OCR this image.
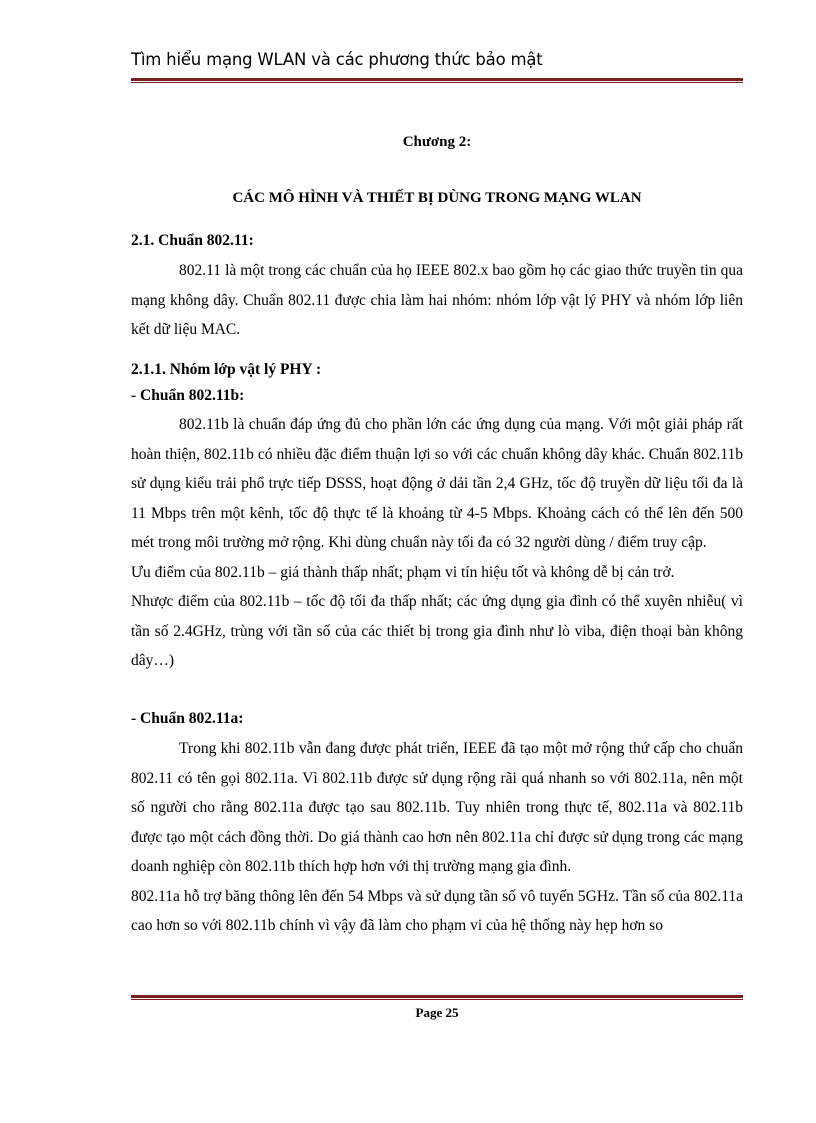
Tìm hiểu mạng WLAN và các phương thức bảo mật
Chương 2:
CÁC MÔ HÌNH VÀ THIẾT BỊ DÙNG TRONG MẠNG WLAN
2.1. Chuẩn 802.11:

802.11 là một trong các chuẩn của họ IEEE 802.x bao gồm họ các giao thức truyền tin qua mạng không dây. Chuẩn 802.11 được chia làm hai nhóm: nhóm lớp vật lý PHY và nhóm lớp liên kết dữ liệu MAC.

2.1.1. Nhóm lớp vật lý PHY :
- Chuẩn 802.11b:

802.11b là chuẩn đáp ứng đủ cho phần lớn các ứng dụng của mạng. Với một giải pháp rất hoàn thiện, 802.11b có nhiều đặc điểm thuận lợi so với các chuẩn không dây khác. Chuẩn 802.11b sử dụng kiểu trải phổ trực tiếp DSSS, hoạt động ở dải tần 2,4 GHz, tốc độ truyền dữ liệu tối đa là 11 Mbps trên một kênh, tốc độ thực tế là khoảng từ 4-5 Mbps. Khoảng cách có thể lên đến 500 mét trong môi trường mở rộng. Khi dùng chuẩn này tối đa có 32 người dùng / điểm truy cập.

Ưu điểm của 802.11b – giá thành thấp nhất; phạm vi tín hiệu tốt và không dễ bị cản trở.

Nhược điểm của 802.11b – tốc độ tối đa thấp nhất; các ứng dụng gia đình có thể xuyên nhiễu( vì tần số 2.4GHz, trùng với tần số của các thiết bị trong gia đình như lò viba, điện thoại bàn không dây…)

- Chuẩn 802.11a:

Trong khi 802.11b vẫn đang được phát triển, IEEE đã tạo một mở rộng thứ cấp cho chuẩn 802.11 có tên gọi 802.11a. Vì 802.11b được sử dụng rộng rãi quá nhanh so với 802.11a, nên một số người cho rằng 802.11a được tạo sau 802.11b. Tuy nhiên trong thực tế, 802.11a và 802.11b được tạo một cách đồng thời. Do giá thành cao hơn nên 802.11a chỉ được sử dụng trong các mạng doanh nghiệp còn 802.11b thích hợp hơn với thị trường mạng gia đình.

802.11a hỗ trợ băng thông lên đến 54 Mbps và sử dụng tần số vô tuyến 5GHz. Tần số của 802.11a cao hơn so với 802.11b chính vì vậy đã làm cho phạm vi của hệ thống này hẹp hơn so

Page 25
